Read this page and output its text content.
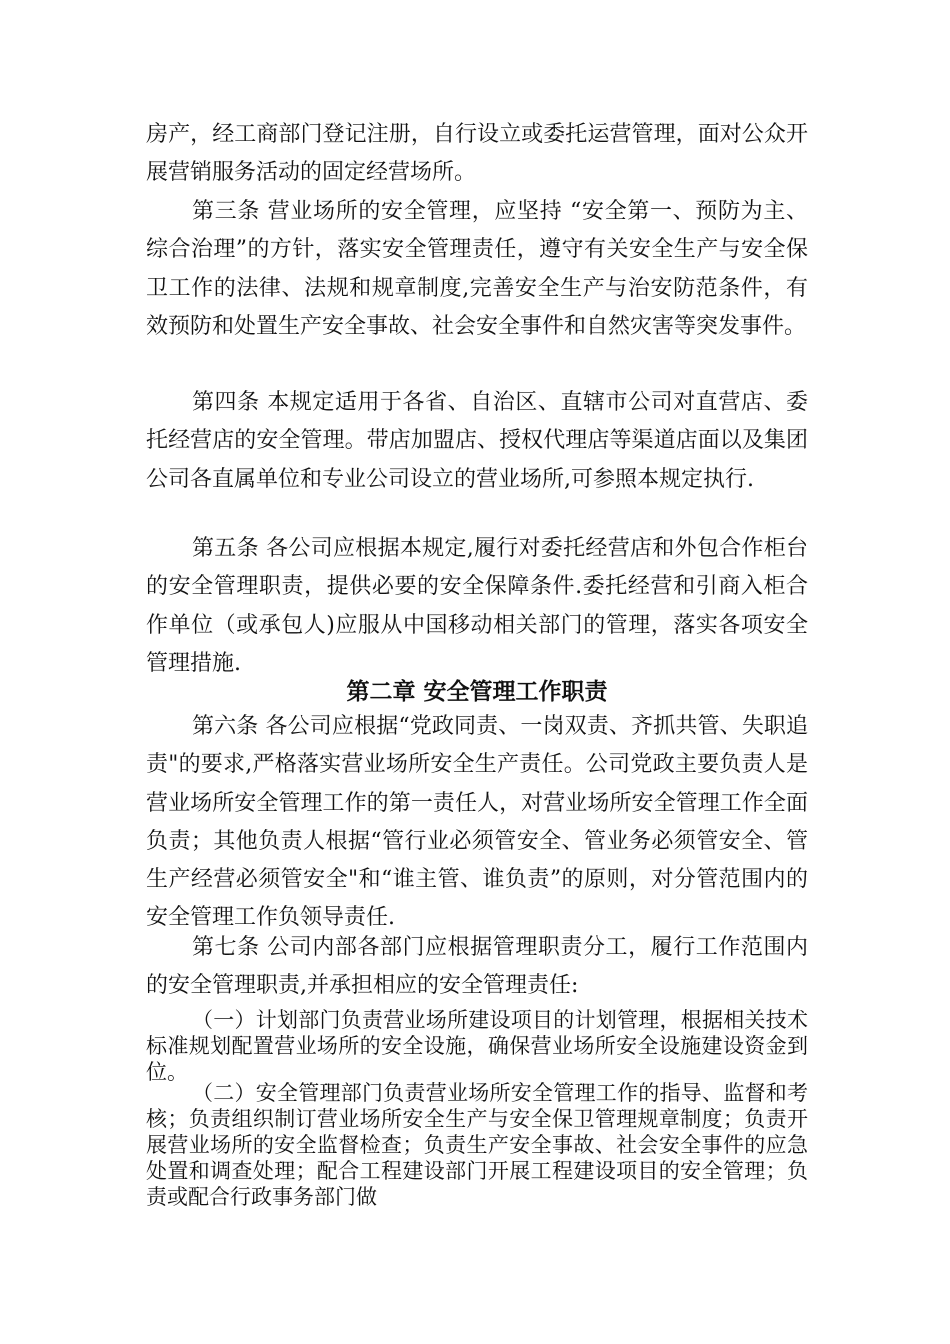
房产，经工商部门登记注册，自行设立或委托运营管理，面对公众开展营销服务活动的固定经营场所。

第三条 营业场所的安全管理，应坚持 “安全第一、预防为主、综合治理”的方针，落实安全管理责任，遵守有关安全生产与安全保卫工作的法律、法规和规章制度,完善安全生产与治安防范条件，有效预防和处置生产安全事故、社会安全事件和自然灾害等突发事件。

第四条 本规定适用于各省、自治区、直辖市公司对直营店、委托经营店的安全管理。带店加盟店、授权代理店等渠道店面以及集团公司各直属单位和专业公司设立的营业场所,可参照本规定执行.

第五条 各公司应根据本规定,履行对委托经营店和外包合作柜台的安全管理职责，提供必要的安全保障条件.委托经营和引商入柜合作单位（或承包人)应服从中国移动相关部门的管理，落实各项安全管理措施.

第二章 安全管理工作职责

第六条 各公司应根据“党政同责、一岗双责、齐抓共管、失职追责"的要求,严格落实营业场所安全生产责任。公司党政主要负责人是营业场所安全管理工作的第一责任人，对营业场所安全管理工作全面负责；其他负责人根据“管行业必须管安全、管业务必须管安全、管生产经营必须管安全"和“谁主管、谁负责”的原则，对分管范围内的安全管理工作负领导责任.

第七条 公司内部各部门应根据管理职责分工，履行工作范围内的安全管理职责,并承担相应的安全管理责任:

（一）计划部门负责营业场所建设项目的计划管理，根据相关技术标准规划配置营业场所的安全设施，确保营业场所安全设施建设资金到位。

（二）安全管理部门负责营业场所安全管理工作的指导、监督和考核；负责组织制订营业场所安全生产与安全保卫管理规章制度；负责开展营业场所的安全监督检查；负责生产安全事故、社会安全事件的应急处置和调查处理；配合工程建设部门开展工程建设项目的安全管理；负责或配合行政事务部门做
